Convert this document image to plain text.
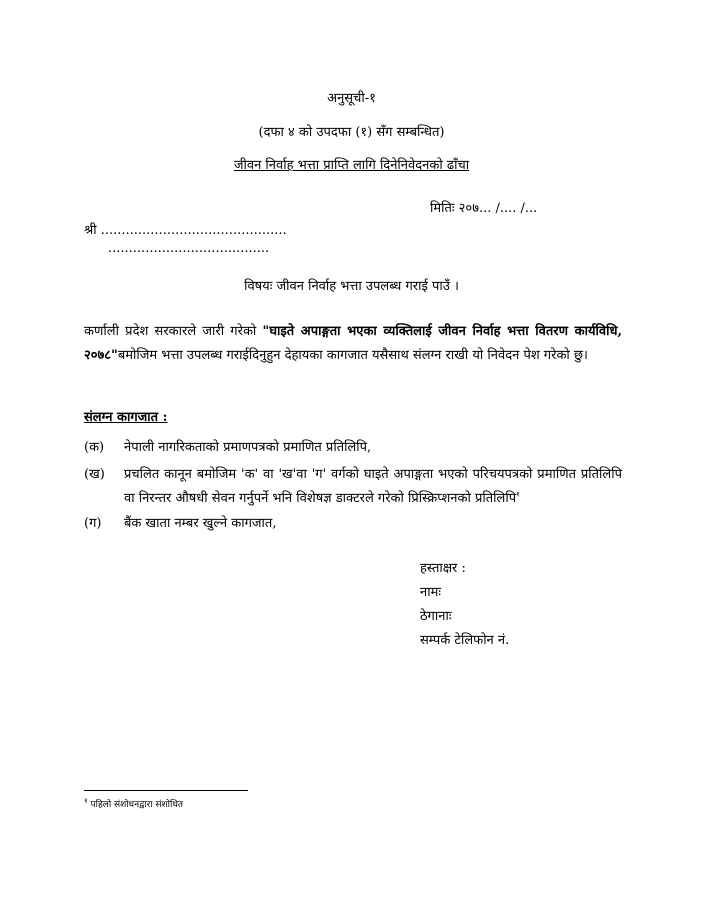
अनुसूची-१
(दफा ४ को उपदफा (१) सँग सम्बन्धित)
जीवन निर्वाह भत्ता प्राप्ति लागि दिनेनिवेदनको ढाँचा
मितिः २०७... /.... /...
श्री .............................................
.......................................
विषयः जीवन निर्वाह भत्ता उपलब्ध गराई पाउँ ।
कर्णाली प्रदेश सरकारले जारी गरेको "घाइते अपाङ्गता भएका व्यक्तिलाई जीवन निर्वाह भत्ता वितरण कार्यविधि, २०७८"बमोजिम भत्ता उपलब्ध गराईदिनुहुन देहायका कागजात यसैसाथ संलग्न राखी यो निवेदन पेश गरेको छु।
संलग्न कागजात :
(क)	नेपाली नागरिकताको प्रमाणपत्रको प्रमाणित प्रतिलिपि,
(ख)	प्रचलित कानून बमोजिम 'क' वा 'ख'वा 'ग' वर्गको घाइते अपाङ्गता भएको परिचयपत्रको प्रमाणित प्रतिलिपि वा निरन्तर औषधी सेवन गर्नुपर्ने भनि विशेषज्ञ डाक्टरले गरेको प्रिस्क्रिप्शनको प्रतिलिपि$^१$
(ग)	बैंक खाता नम्बर खुल्ने कागजात,
हस्ताक्षर :
नामः
ठेगानाः
सम्पर्क टेलिफोन नं.
$^१$ पहिलो संशोधनद्वारा संशोधित
